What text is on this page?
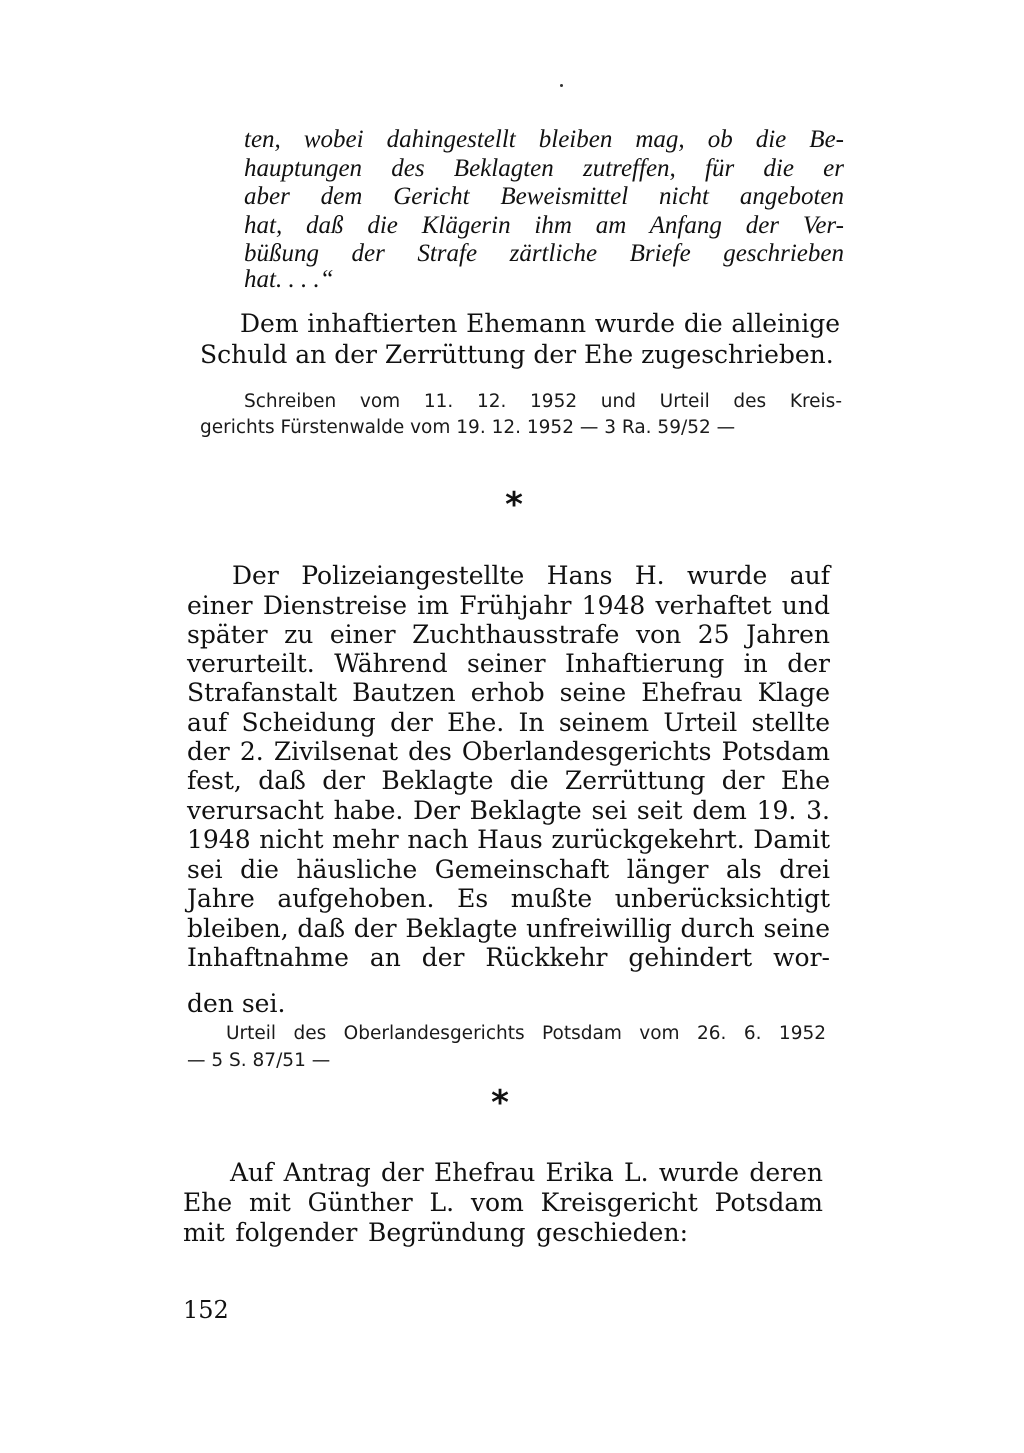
ten, wobei dahingestellt bleiben mag, ob die Be-

hauptungen des Beklagten zutreffen, für die er

aber dem Gericht Beweismittel nicht angeboten

hat, daß die Klägerin ihm am Anfang der Ver-

büßung der Strafe zärtliche Briefe geschrieben

hat. . . .“

Dem inhaftierten Ehemann wurde die alleinige

Schuld an der Zerrüttung der Ehe zugeschrieben.

Schreiben vom 11. 12. 1952 und Urteil des Kreis-

gerichts Fürstenwalde vom 19. 12. 1952 — 3 Ra. 59/52 —

*

Der Polizeiangestellte Hans H. wurde auf

einer Dienstreise im Frühjahr 1948 verhaftet und

später zu einer Zuchthausstrafe von 25 Jahren

verurteilt. Während seiner Inhaftierung in der

Strafanstalt Bautzen erhob seine Ehefrau Klage

auf Scheidung der Ehe. In seinem Urteil stellte

der 2. Zivilsenat des Oberlandesgerichts Potsdam

fest, daß der Beklagte die Zerrüttung der Ehe

verursacht habe. Der Beklagte sei seit dem 19. 3.

1948 nicht mehr nach Haus zurückgekehrt. Damit

sei die häusliche Gemeinschaft länger als drei

Jahre aufgehoben. Es mußte unberücksichtigt

bleiben, daß der Beklagte unfreiwillig durch seine

Inhaftnahme an der Rückkehr gehindert wor-

den sei.

Urteil des Oberlandesgerichts Potsdam vom 26. 6. 1952

— 5 S. 87/51 —

*

Auf Antrag der Ehefrau Erika L. wurde deren

Ehe mit Günther L. vom Kreisgericht Potsdam

mit folgender Begründung geschieden:

152
